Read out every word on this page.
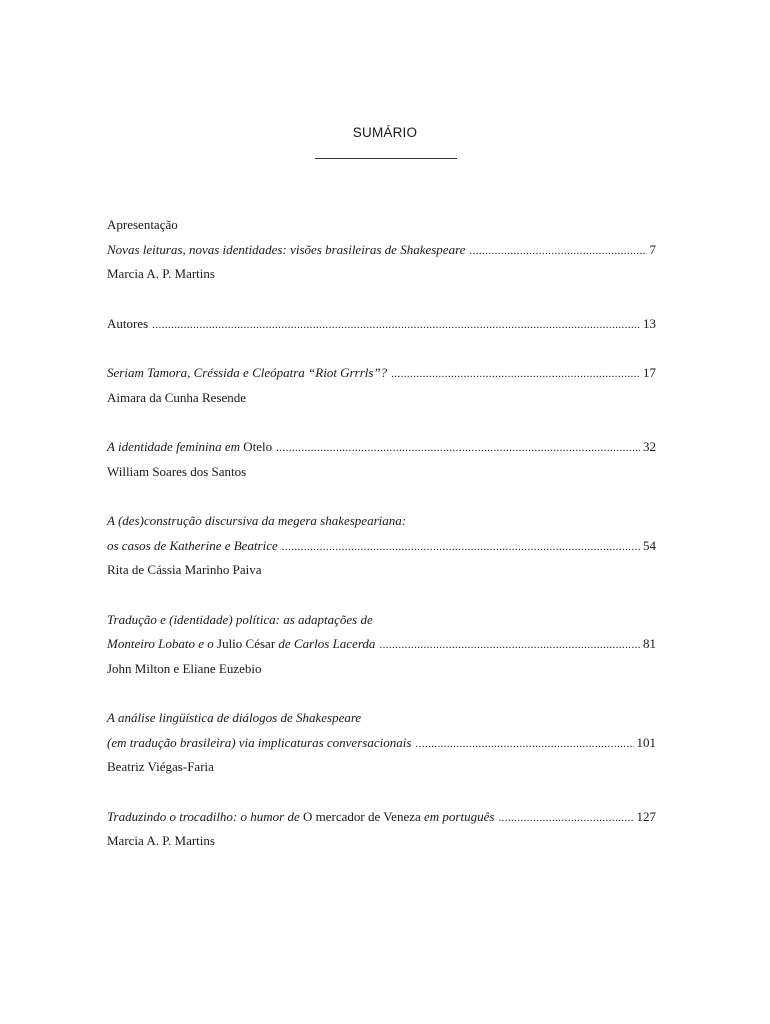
SUMÁRIO
Apresentação
Novas leituras, novas identidades: visões brasileiras de Shakespeare .....	7
Marcia A. P. Martins
Autores .....	13
Seriam Tamora, Créssida e Cleópatra “Riot Grrrls”? .....	17
Aimara da Cunha Resende
A identidade feminina em Otelo .....	32
William Soares dos Santos
A (des)construção discursiva da megera shakespeariana:
os casos de Katherine e Beatrice .....	54
Rita de Cássia Marinho Paiva
Tradução e (identidade) política: as adaptações de
Monteiro Lobato e o Julio César de Carlos Lacerda .....	81
John Milton e Eliane Euzebio
A análise lingüística de diálogos de Shakespeare
(em tradução brasileira) via implicaturas conversacionais .....	101
Beatriz Viégas-Faria
Traduzindo o trocadilho: o humor de O mercador de Veneza em português .....	127
Marcia A. P. Martins
